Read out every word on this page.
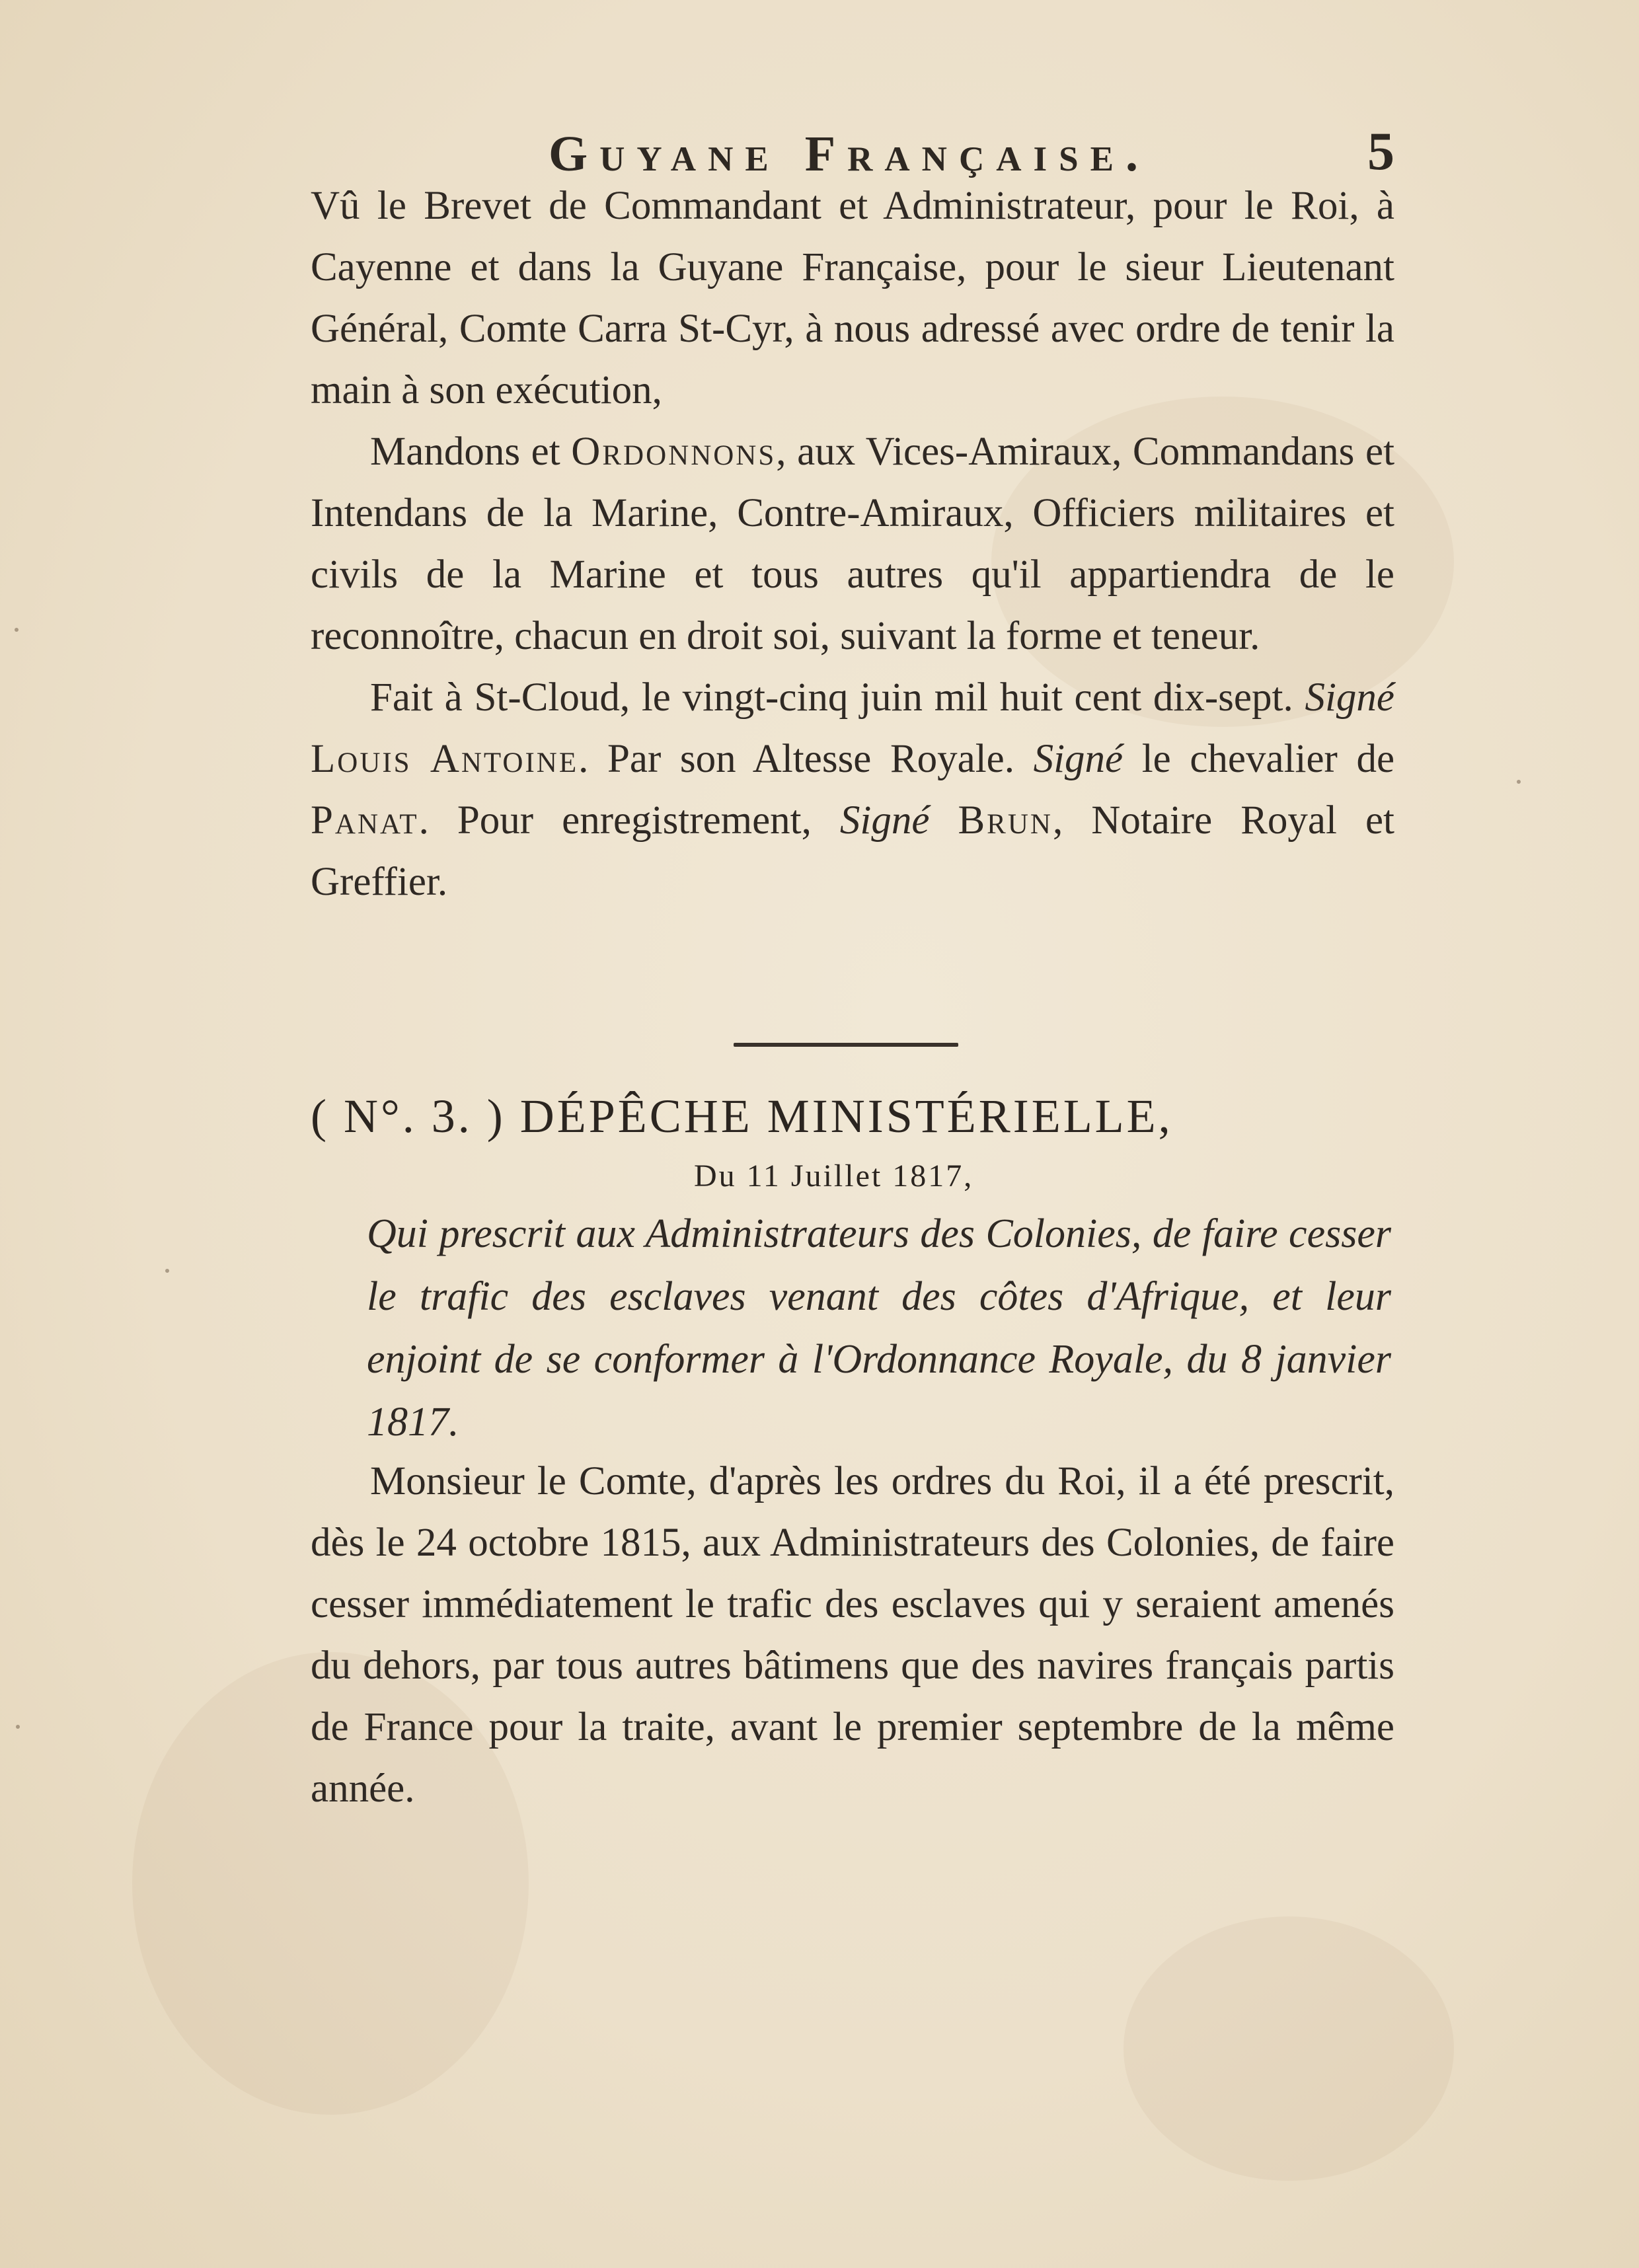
Guyane Française.	5

Vû le Brevet de Commandant et Administrateur, pour le Roi, à Cayenne et dans la Guyane Française, pour le sieur Lieutenant Général, Comte Carra St-Cyr, à nous adressé avec ordre de tenir la main à son exécution,

Mandons et Ordonnons, aux Vices-Amiraux, Commandans et Intendans de la Marine, Contre-Amiraux, Officiers militaires et civils de la Marine et tous autres qu'il appartiendra de le reconnoître, chacun en droit soi, suivant la forme et teneur.

Fait à St-Cloud, le vingt-cinq juin mil huit cent dix-sept. Signé Louis Antoine. Par son Altesse Royale. Signé le chevalier de Panat. Pour enregistrement, Signé Brun, Notaire Royal et Greffier.

( N°. 3. ) DÉPÊCHE MINISTÉRIELLE,
Du 11 Juillet 1817,
Qui prescrit aux Administrateurs des Colonies, de faire cesser le trafic des esclaves venant des côtes d'Afrique, et leur enjoint de se conformer à l'Ordonnance Royale, du 8 janvier 1817.

Monsieur le Comte, d'après les ordres du Roi, il a été prescrit, dès le 24 octobre 1815, aux Administrateurs des Colonies, de faire cesser immédiatement le trafic des esclaves qui y seraient amenés du dehors, par tous autres bâtimens que des navires français partis de France pour la traite, avant le premier septembre de la même année.
